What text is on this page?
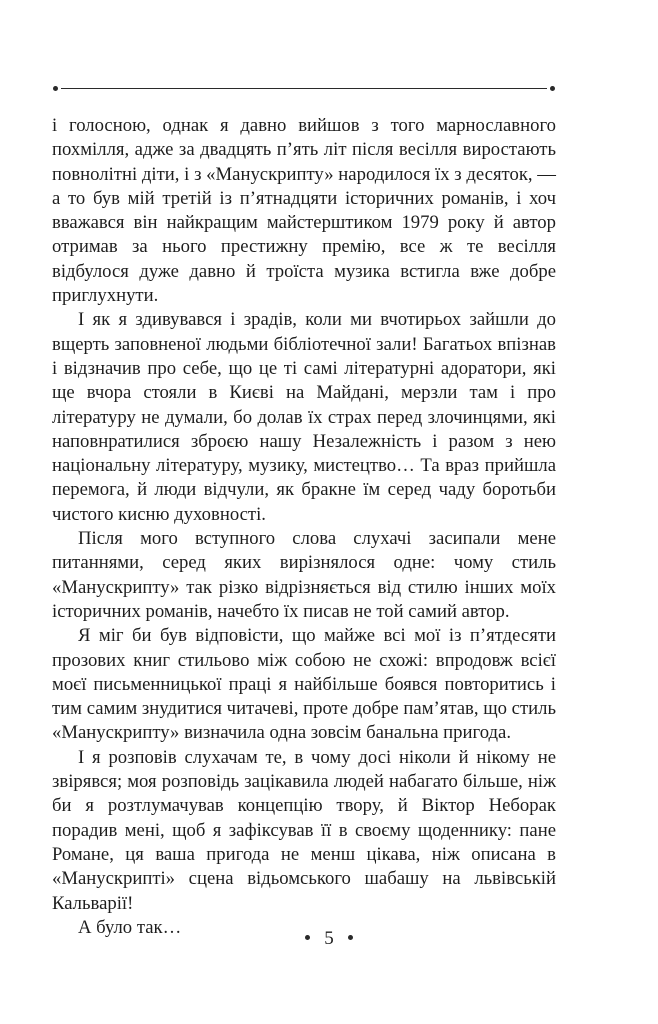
і голосною, однак я давно вийшов з того марнославного похмілля, адже за двадцять п’ять літ після весілля виростають повнолітні діти, і з «Манускрипту» народилося їх з десяток, — а то був мій третій із п’ятнадцяти історичних романів, і хоч вважався він найкращим майстерштиком 1979 року й автор отримав за нього престижну премію, все ж те весілля відбулося дуже давно й троїста музика встигла вже добре приглухнути.

І як я здивувався і зрадів, коли ми вчотирьох зайшли до вщерть заповненої людьми бібліотечної зали! Багатьох впізнав і відзначив про себе, що це ті самі літературні адоратори, які ще вчора стояли в Києві на Майдані, мерзли там і про літературу не думали, бо долав їх страх перед злочинцями, які наповнратилися зброєю нашу Незалежність і разом з нею національну літературу, музику, мистецтво… Та враз прийшла перемога, й люди відчули, як бракне їм серед чаду боротьби чистого кисню духовності.

Після мого вступного слова слухачі засипали мене питаннями, серед яких вирізнялося одне: чому стиль «Манускрипту» так різко відрізняється від стилю інших моїх історичних романів, начебто їх писав не той самий автор.

Я міг би був відповісти, що майже всі мої із п’ятдесяти прозових книг стильово між собою не схожі: впродовж всієї моєї письменницької праці я найбільше боявся повторитись і тим самим знудитися читачеві, проте добре пам’ятав, що стиль «Манускрипту» визначила одна зовсім банальна пригода.

І я розповів слухачам те, в чому досі ніколи й нікому не звірявся; моя розповідь зацікавила людей набагато більше, ніж би я розтлумачував концепцію твору, й Віктор Неборак порадив мені, щоб я зафіксував її в своєму щоденнику: пане Романе, ця ваша пригода не менш цікава, ніж описана в «Манускрипті» сцена відьомського шабашу на львівській Кальварії!

А було так…

5
